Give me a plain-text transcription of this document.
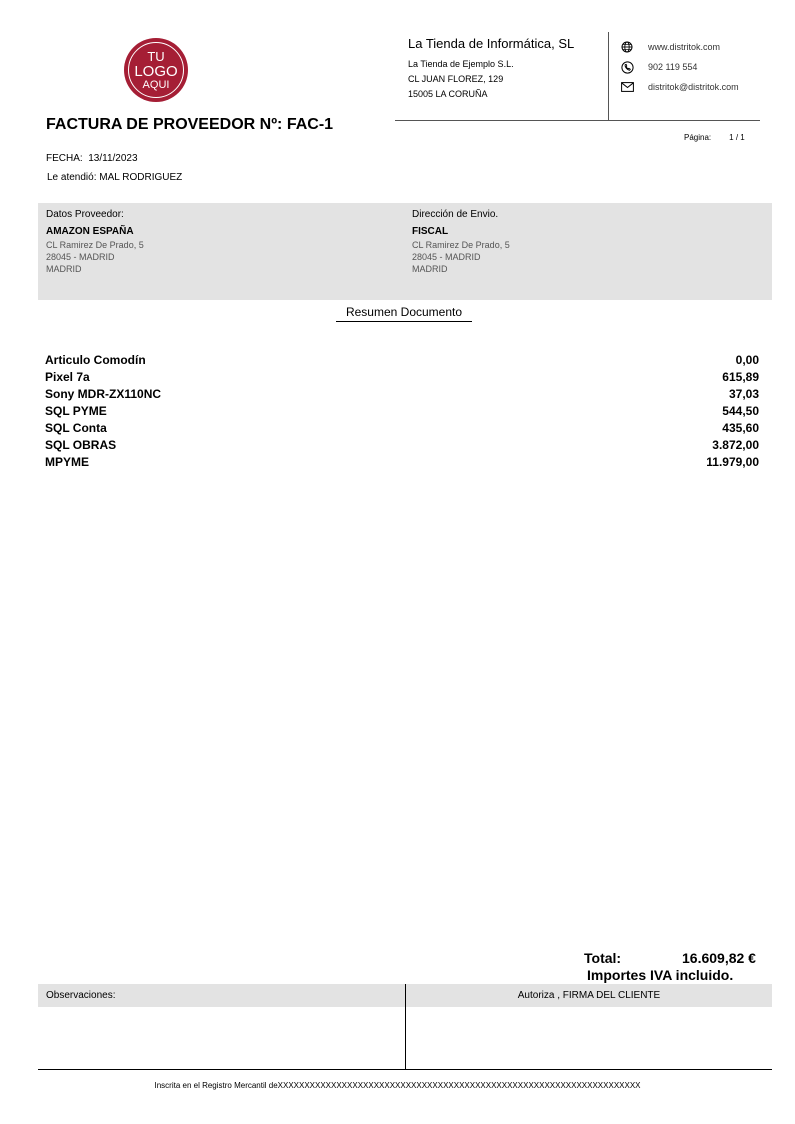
TU
LOGO
AQUI
La Tienda de Informática, SL
La Tienda de Ejemplo S.L.
CL JUAN FLOREZ, 129
15005 LA CORUÑA
www.distritok.com
902 119 554
distritok@distritok.com
FACTURA DE PROVEEDOR Nº: FAC-1
Página: 1 / 1
FECHA: 13/11/2023
Le atendió: MAL RODRIGUEZ
Datos Proveedor:
AMAZON ESPAÑA
CL Ramirez De Prado, 5
28045 - MADRID
MADRID
Dirección de Envio.
FISCAL
CL Ramirez De Prado, 5
28045 - MADRID
MADRID
Resumen Documento
Articulo Comodín	0,00
Pixel 7a	615,89
Sony MDR-ZX110NC	37,03
SQL PYME	544,50
SQL Conta	435,60
SQL OBRAS	3.872,00
MPYME	11.979,00
Total:	16.609,82 €
Importes IVA incluido.
Observaciones:	Autoriza , FIRMA DEL CLIENTE
Inscrita en el Registro Mercantil deXXXXXXXXXXXXXXXXXXXXXXXXXXXXXXXXXXXXXXXXXXXXXXXXXXXXXXXXXXXXXXXXXXXX
